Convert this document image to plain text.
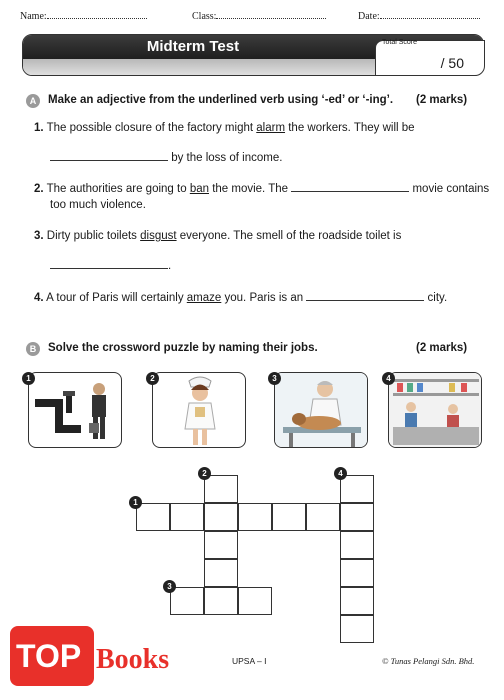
Name:	Class:	Date:
Midterm Test	Total Score
/ 50
A	Make an adjective from the underlined verb using ‘-ed’ or ‘-ing’. (2 marks)
1. The possible closure of the factory might alarm the workers. They will be
by the loss of income.
2. The authorities are going to ban the movie. The	movie contains
too much violence.
3. Dirty public toilets disgust everyone. The smell of the roadside toilet is
.
4. A tour of Paris will certainly amaze you. Paris is an	city.
B	Solve the crossword puzzle by naming their jobs.	(2 marks)
1	2	3	4
1
2
3
4
UPSA – I	© Tunas Pelangi Sdn. Bhd.
TOP Books
